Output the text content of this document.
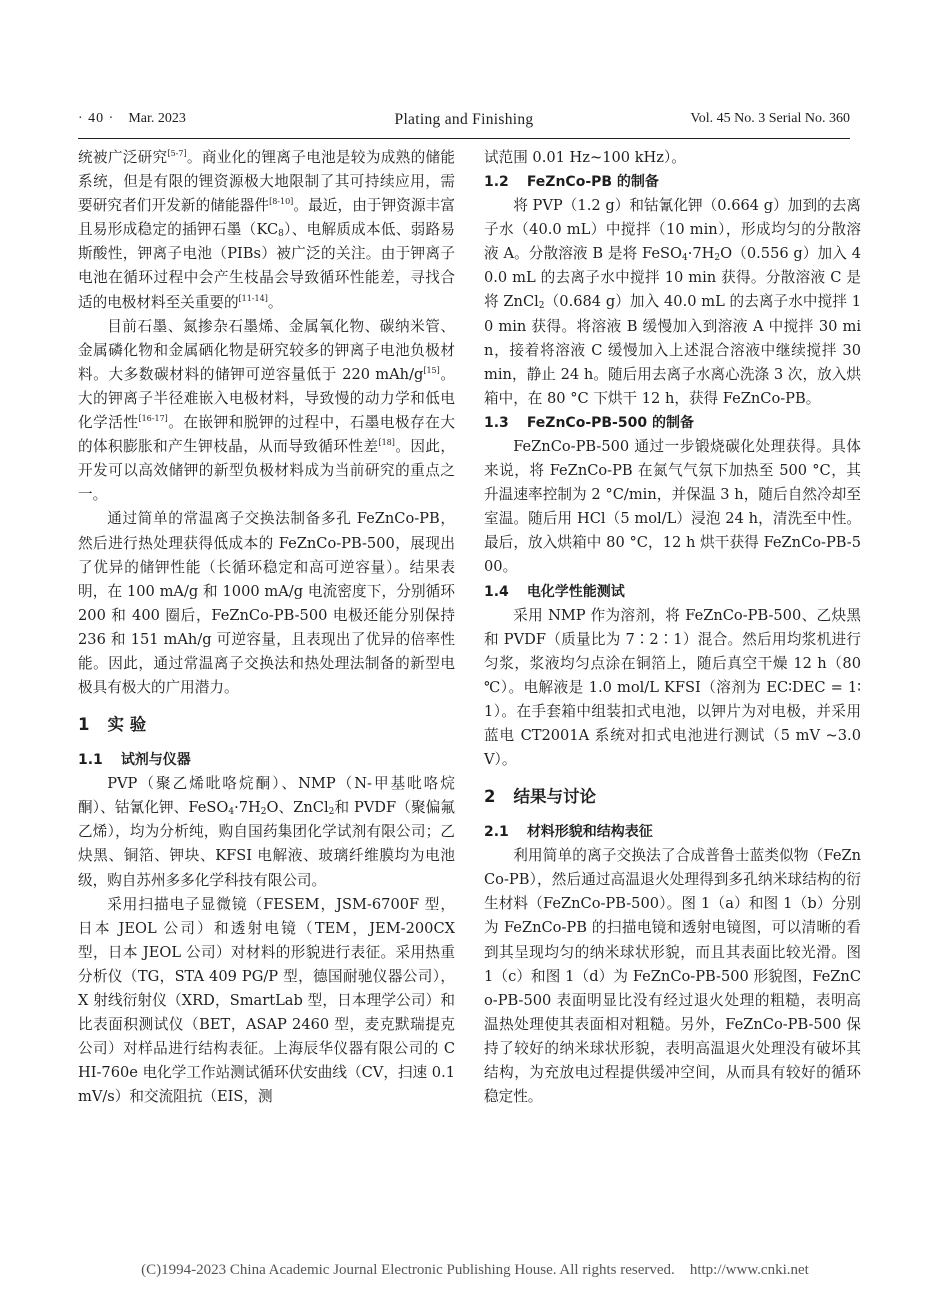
· 40 · Mar. 2023	Plating and Finishing	Vol. 45 No. 3 Serial No. 360

统被广泛研究[5-7]。商业化的锂离子电池是较为成熟的储能系统，但是有限的锂资源极大地限制了其可持续应用，需要研究者们开发新的储能器件[8-10]。最近，由于钾资源丰富且易形成稳定的插钾石墨$(KC_8)$、电解质成本低、弱路易斯酸性，钾离子电池（PIBs）被广泛的关注。由于钾离子电池在循环过程中会产生枝晶会导致循环性能差，寻找合适的电极材料至关重要的[11-14]。

目前石墨、氮掺杂石墨烯、金属氧化物、碳纳米管、金属磷化物和金属硒化物是研究较多的钾离子电池负极材料。大多数碳材料的储钾可逆容量低于 220 mAh/g[15]。大的钾离子半径难嵌入电极材料，导致慢的动力学和低电化学活性[16-17]。在嵌钾和脱钾的过程中，石墨电极存在大的体积膨胀和产生钾枝晶，从而导致循环性差[18]。因此，开发可以高效储钾的新型负极材料成为当前研究的重点之一。

通过简单的常温离子交换法制备多孔 FeZnCo-PB，然后进行热处理获得低成本的 FeZnCo-PB-500，展现出了优异的储钾性能（长循环稳定和高可逆容量）。结果表明，在 100 mA/g 和 1000 mA/g 电流密度下，分别循环 200 和 400 圈后，FeZnCo-PB-500 电极还能分别保持 236 和 151 mAh/g 可逆容量，且表现出了优异的倍率性能。因此，通过常温离子交换法和热处理法制备的新型电极具有极大的广用潜力。

1 实 验
1.1 试剂与仪器

PVP（聚乙烯吡咯烷酮）、NMP（N-甲基吡咯烷酮）、钴氰化钾、$FeSO_4\cdot 7H_2O$、ZnCl$_2$和 PVDF（聚偏氟乙烯），均为分析纯，购自国药集团化学试剂有限公司；乙炔黑、铜箔、钾块、KFSI 电解液、玻璃纤维膜均为电池级，购自苏州多多化学科技有限公司。

采用扫描电子显微镜（FESEM，JSM-6700F 型，日本 JEOL 公司）和透射电镜（TEM，JEM-200CX 型，日本 JEOL 公司）对材料的形貌进行表征。采用热重分析仪（TG，STA 409 PG/P 型，德国耐驰仪器公司），X 射线衍射仪（XRD，SmartLab 型，日本理学公司）和比表面积测试仪（BET，ASAP 2460 型，麦克默瑞提克公司）对样品进行结构表征。上海辰华仪器有限公司的 CHI-760e 电化学工作站测试循环伏安曲线（CV，扫速 0.1 mV/s）和交流阻抗（EIS，测

试范围 0.01 Hz~100 kHz）。

1.2 FeZnCo-PB 的制备

将 PVP（1.2 g）和钴氰化钾（0.664 g）加到的去离子水（40.0 mL）中搅拌（10 min），形成均匀的分散溶液 A。分散溶液 B 是将 $FeSO_4\cdot 7H_2O(0.556$ g）加入 40.0 mL 的去离子水中搅拌 10 min 获得。分散溶液 C 是将 ZnCl$_2$（0.684 g）加入 40.0 mL 的去离子水中搅拌 10 min 获得。将溶液 B 缓慢加入到溶液 A 中搅拌 30 min，接着将溶液 C 缓慢加入上述混合溶液中继续搅拌 30 min，静止 24 h。随后用去离子水离心洗涤 3 次，放入烘箱中，在 80 °C 下烘干 12 h，获得 FeZnCo-PB。

1.3 FeZnCo-PB-500 的制备

FeZnCo-PB-500 通过一步锻烧碳化处理获得。具体来说，将 FeZnCo-PB 在氮气气氛下加热至 500 °C，其升温速率控制为 2 °C/min，并保温 3 h，随后自然冷却至室温。随后用 HCl（5 mol/L）浸泡 24 h，清洗至中性。最后，放入烘箱中 80 °C，12 h 烘干获得 FeZnCo-PB-500。

1.4 电化学性能测试

采用 NMP 作为溶剂，将 FeZnCo-PB-500、乙炔黑和 PVDF（质量比为 7∶2∶1）混合。然后用均浆机进行匀浆，浆液均匀点涂在铜箔上，随后真空干燥 12 h（80 ℃）。电解液是 1.0 mol/L KFSI（溶剂为 EC∶DEC = 1∶1）。在手套箱中组装扣式电池，以钾片为对电极，并采用蓝电 CT2001A 系统对扣式电池进行测试（5 mV ~3.0 V）。

2 结果与讨论
2.1 材料形貌和结构表征

利用简单的离子交换法了合成普鲁士蓝类似物（FeZnCo-PB），然后通过高温退火处理得到多孔纳米球结构的衍生材料（FeZnCo-PB-500）。图 1（a）和图 1（b）分别为 FeZnCo-PB 的扫描电镜和透射电镜图，可以清晰的看到其呈现均匀的纳米球状形貌，而且其表面比较光滑。图 1（c）和图 1（d）为 FeZnCo-PB-500 形貌图，FeZnCo-PB-500 表面明显比没有经过退火处理的粗糙，表明高温热处理使其表面相对粗糙。另外，FeZnCo-PB-500 保持了较好的纳米球状形貌，表明高温退火处理没有破坏其结构，为充放电过程提供缓冲空间，从而具有较好的循环稳定性。

(C)1994-2023 China Academic Journal Electronic Publishing House. All rights reserved. http://www.cnki.net
